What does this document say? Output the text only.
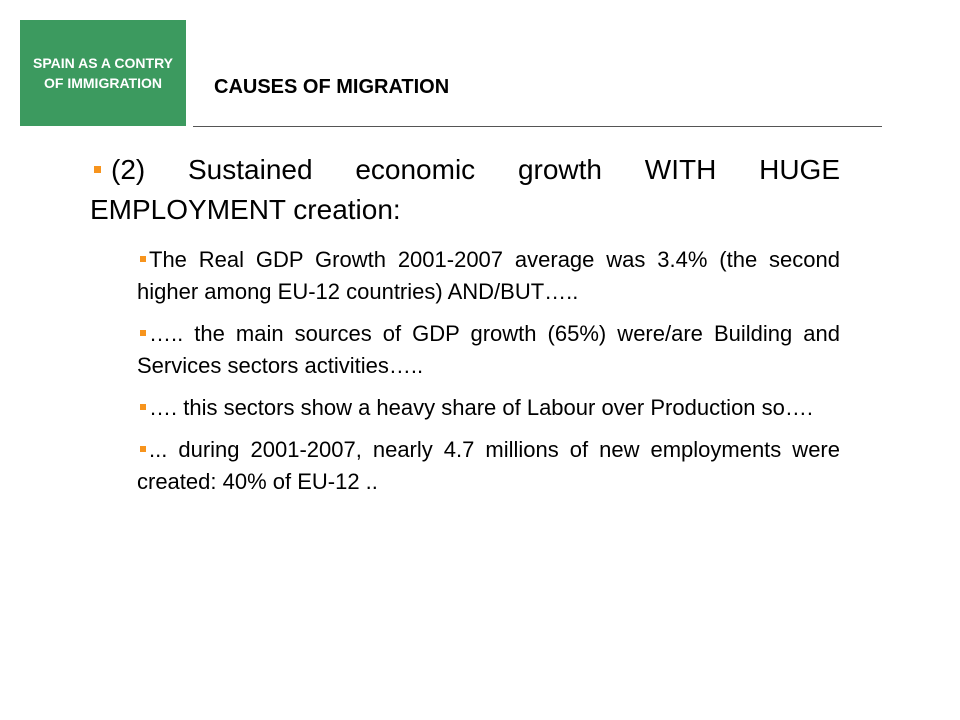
SPAIN AS A CONTRY OF IMMIGRATION	CAUSES OF MIGRATION

(2) Sustained economic growth WITH HUGE EMPLOYMENT creation:

The Real GDP Growth 2001-2007 average was 3.4% (the second higher among EU-12 countries) AND/BUT…..
….. the main sources of GDP growth (65%) were/are Building and Services sectors activities…..
…. this sectors show a heavy share of Labour over Production so….
... during 2001-2007, nearly 4.7 millions of new employments were created: 40% of EU-12 ..
